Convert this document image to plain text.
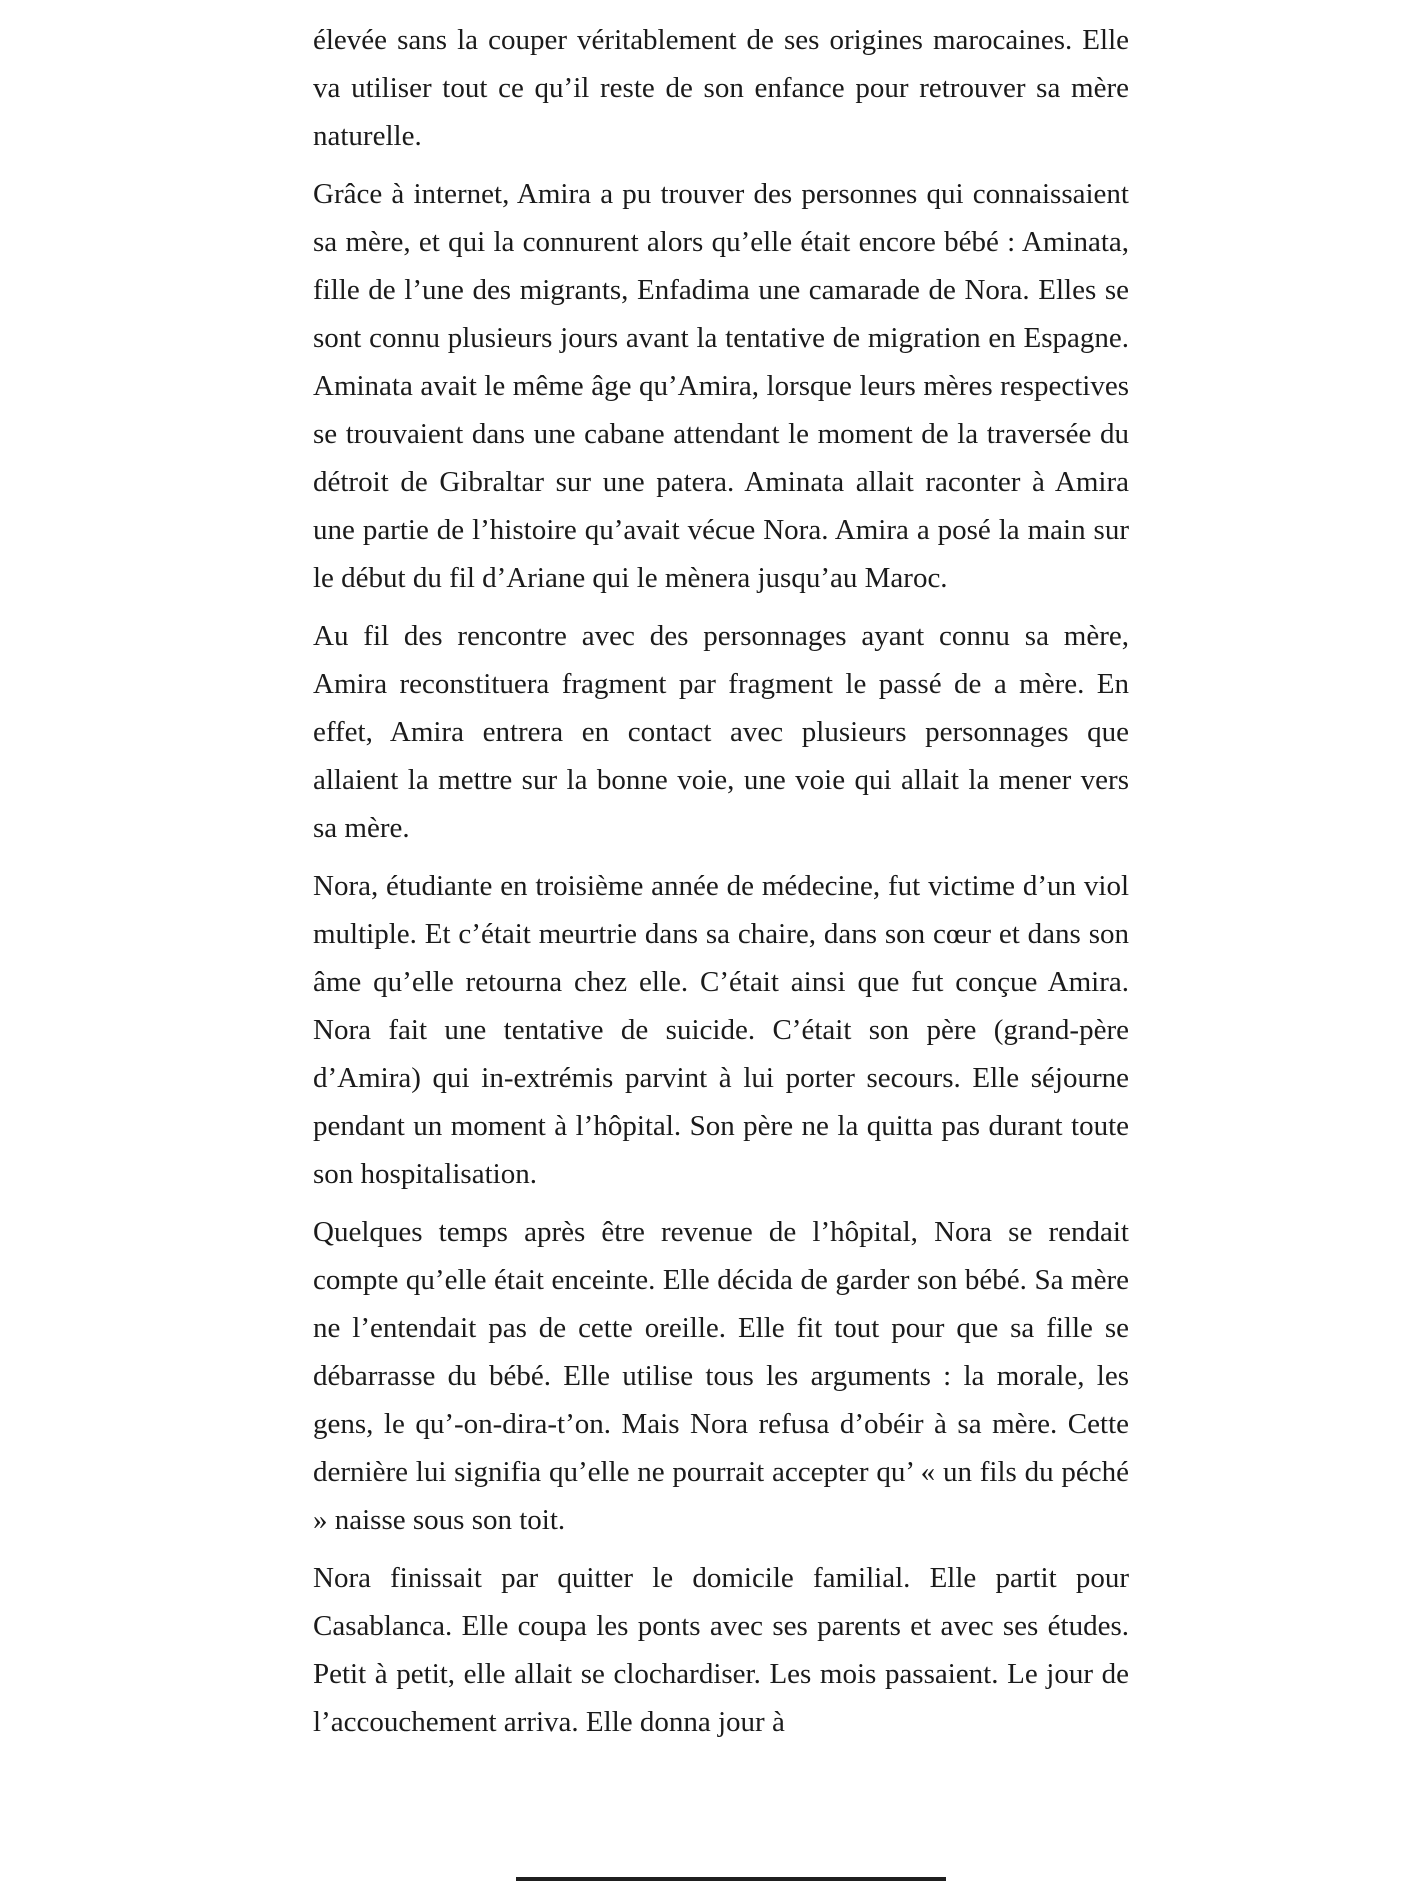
élevée sans la couper véritablement de ses origines marocaines. Elle va utiliser tout ce qu’il reste de son enfance pour retrouver sa mère naturelle.

Grâce à internet, Amira a pu trouver des personnes qui connaissaient sa mère, et qui la connurent alors qu’elle était encore bébé : Aminata, fille de l’une des migrants, Enfadima une camarade de Nora. Elles se sont connu plusieurs jours avant la tentative de migration en Espagne. Aminata avait le même âge qu’Amira, lorsque leurs mères respectives se trouvaient dans une cabane attendant le moment de la traversée du détroit de Gibraltar sur une patera. Aminata allait raconter à Amira une partie de l’histoire qu’avait vécue Nora. Amira a posé la main sur le début du fil d’Ariane qui le mènera jusqu’au Maroc.

Au fil des rencontre avec des personnages ayant connu sa mère, Amira reconstituera fragment par fragment le passé de a mère. En effet, Amira entrera en contact avec plusieurs personnages que allaient la mettre sur la bonne voie, une voie qui allait la mener vers sa mère.

Nora, étudiante en troisième année de médecine, fut victime d’un viol multiple. Et c’était meurtrie dans sa chaire, dans son cœur et dans son âme qu’elle retourna chez elle. C’était ainsi que fut conçue Amira. Nora fait une tentative de suicide. C’était son père (grand-père d’Amira) qui in-extrémis parvint à lui porter secours. Elle séjourne pendant un moment à l’hôpital. Son père ne la quitta pas durant toute son hospitalisation.

Quelques temps après être revenue de l’hôpital, Nora se rendait compte qu’elle était enceinte. Elle décida de garder son bébé. Sa mère ne l’entendait pas de cette oreille. Elle fit tout pour que sa fille se débarrasse du bébé. Elle utilise tous les arguments : la morale, les gens, le qu’-on-dira-t’on. Mais Nora refusa d’obéir à sa mère. Cette dernière lui signifia qu’elle ne pourrait accepter qu’ « un fils du péché » naisse sous son toit.

Nora finissait par quitter le domicile familial. Elle partit pour Casablanca. Elle coupa les ponts avec ses parents et avec ses études. Petit à petit, elle allait se clochardiser. Les mois passaient. Le jour de l’accouchement arriva. Elle donna jour à
